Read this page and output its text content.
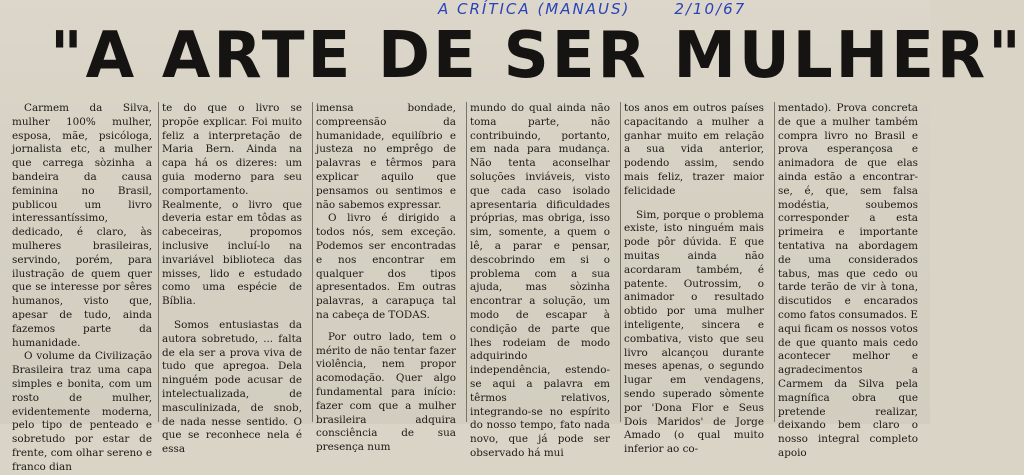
A CRÍTICA (MANAUS)	2/10/67
"A ARTE DE SER MULHER"

Carmem da Silva, mulher 100% mulher, esposa, mãe, psicóloga, jornalista etc, a mulher que carrega sòzinha a bandeira da causa feminina no Brasil, publicou um livro interessantíssimo, dedicado, é claro, às mulheres brasileiras, servindo, porém, para ilustração de quem quer que se interesse por sêres humanos, visto que, apesar de tudo, ainda fazemos parte da humanidade.

O volume da Civilização Brasileira traz uma capa simples e bonita, com um rosto de mulher, evidentemente moderna, pelo tipo de penteado e sobretudo por estar de frente, com olhar sereno e franco dian

te do que o livro se propõe explicar. Foi muito feliz a interpretação de Maria Bern. Ainda na capa há os dizeres: um guia moderno para seu comportamento. Realmente, o livro que deveria estar em tôdas as cabeceiras, propomos inclusive incluí-lo na invariável biblioteca das misses, lido e estudado como uma espécie de Bíblia.

Somos entusiastas da autora sobretudo, ... falta de ela ser a prova viva de tudo que apregoa. Dela ninguém pode acusar de intelectualizada, de masculinizada, de snob, de nada nesse sentido. O que se reconhece nela é essa

imensa bondade, compreensão da humanidade, equilíbrio e justeza no emprêgo de palavras e têrmos para explicar aquilo que pensamos ou sentimos e não sabemos expressar.

O livro é dirigido a todos nós, sem exceção. Podemos ser encontradas e nos encontrar em qualquer dos tipos apresentados. Em outras palavras, a carapuça tal na cabeça de TODAS.

Por outro lado, tem o mérito de não tentar fazer violência, nem propor acomodação. Quer algo fundamental para início: fazer com que a mulher brasileira adquira consciência de sua presença num

mundo do qual ainda não toma parte, não contribuindo, portanto, em nada para mudança. Não tenta aconselhar soluções inviáveis, visto que cada caso isolado apresentaria dificuldades próprias, mas obriga, isso sim, somente, a quem o lê, a parar e pensar, descobrindo em si o problema com a sua ajuda, mas sòzinha encontrar a solução, um modo de escapar à condição de parte que lhes rodeiam de modo adquirindo independência, estendo-se aqui a palavra em têrmos relativos, integrando-se no espírito do nosso tempo, fato nada novo, que já pode ser observado há mui

tos anos em outros países capacitando a mulher a ganhar muito em relação a sua vida anterior, podendo assim, sendo mais feliz, trazer maior felicidade

Sim, porque o problema existe, isto ninguém mais pode pôr dúvida. E que muitas ainda não acordaram também, é patente. Outrossim, o animador o resultado obtido por uma mulher inteligente, sincera e combativa, visto que seu livro alcançou durante meses apenas, o segundo lugar em vendagens, sendo superado sòmente por 'Dona Flor e Seus Dois Maridos' de Jorge Amado (o qual muito inferior ao co-

mentado). Prova concreta de que a mulher também compra livro no Brasil e prova esperançosa e animadora de que elas ainda estão a encontrar-se, é, que, sem falsa modéstia, soubemos corresponder a esta primeira e importante tentativa na abordagem de uma considerados tabus, mas que cedo ou tarde terão de vir à tona, discutidos e encarados como fatos consumados. E aqui ficam os nossos votos de que quanto mais cedo acontecer melhor e agradecimentos a Carmem da Silva pela magnífica obra que pretende realizar, deixando bem claro o nosso integral completo apoio
